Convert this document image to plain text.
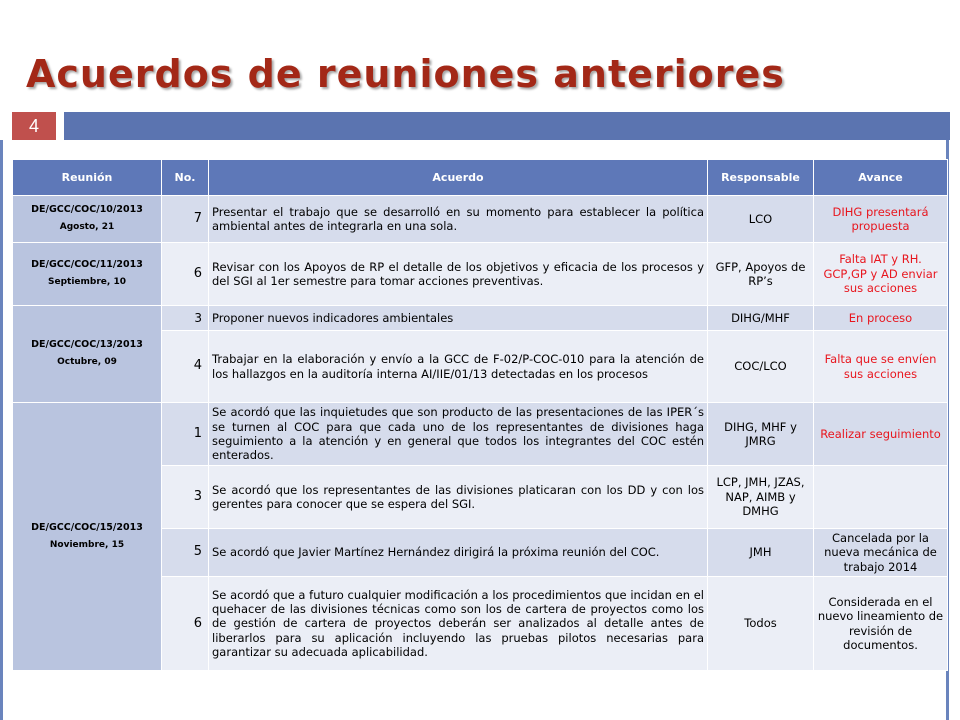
Acuerdos de reuniones anteriores
4
Reunión	No.	Acuerdo	Responsable	Avance

DE/GCC/COC/10/2013
Agosto, 21	7	Presentar el trabajo que se desarrolló en su momento para establecer la política ambiental antes de integrarla en una sola.	LCO	DIHG presentará propuesta

DE/GCC/COC/11/2013
Septiembre, 10	6	Revisar con los Apoyos de RP el detalle de los objetivos y eficacia de los procesos y del SGI al 1er semestre para tomar acciones preventivas.	GFP, Apoyos de RP’s	Falta IAT y RH. GCP,GP y AD enviar sus acciones

DE/GCC/COC/13/2013
Octubre, 09	3	Proponer nuevos indicadores ambientales	DIHG/MHF	En proceso
	4	Trabajar en la elaboración y envío a la GCC de F-02/P-COC-010 para la atención de los hallazgos en la auditoría interna AI/IIE/01/13 detectadas en los procesos	COC/LCO	Falta que se envíen sus acciones

DE/GCC/COC/15/2013
Noviembre, 15	1	Se acordó que las inquietudes que son producto de las presentaciones de las IPER´s se turnen al COC para que cada uno de los representantes de divisiones haga seguimiento a la atención y en general que todos los integrantes del COC estén enterados.	DIHG, MHF y JMRG	Realizar seguimiento
	3	Se acordó que los representantes de las divisiones platicaran con los DD y con los gerentes para conocer que se espera del SGI.	LCP, JMH, JZAS, NAP, AIMB y DMHG	
	5	Se acordó que Javier Martínez Hernández dirigirá la próxima reunión del COC.	JMH	Cancelada por la nueva mecánica de trabajo 2014
	6	Se acordó que a futuro cualquier modificación a los procedimientos que incidan en el quehacer de las divisiones técnicas como son los de cartera de proyectos como los de gestión de cartera de proyectos deberán ser analizados al detalle antes de liberarlos para su aplicación incluyendo las pruebas pilotos necesarias para garantizar su adecuada aplicabilidad.	Todos	Considerada en el nuevo lineamiento de revisión de documentos.
